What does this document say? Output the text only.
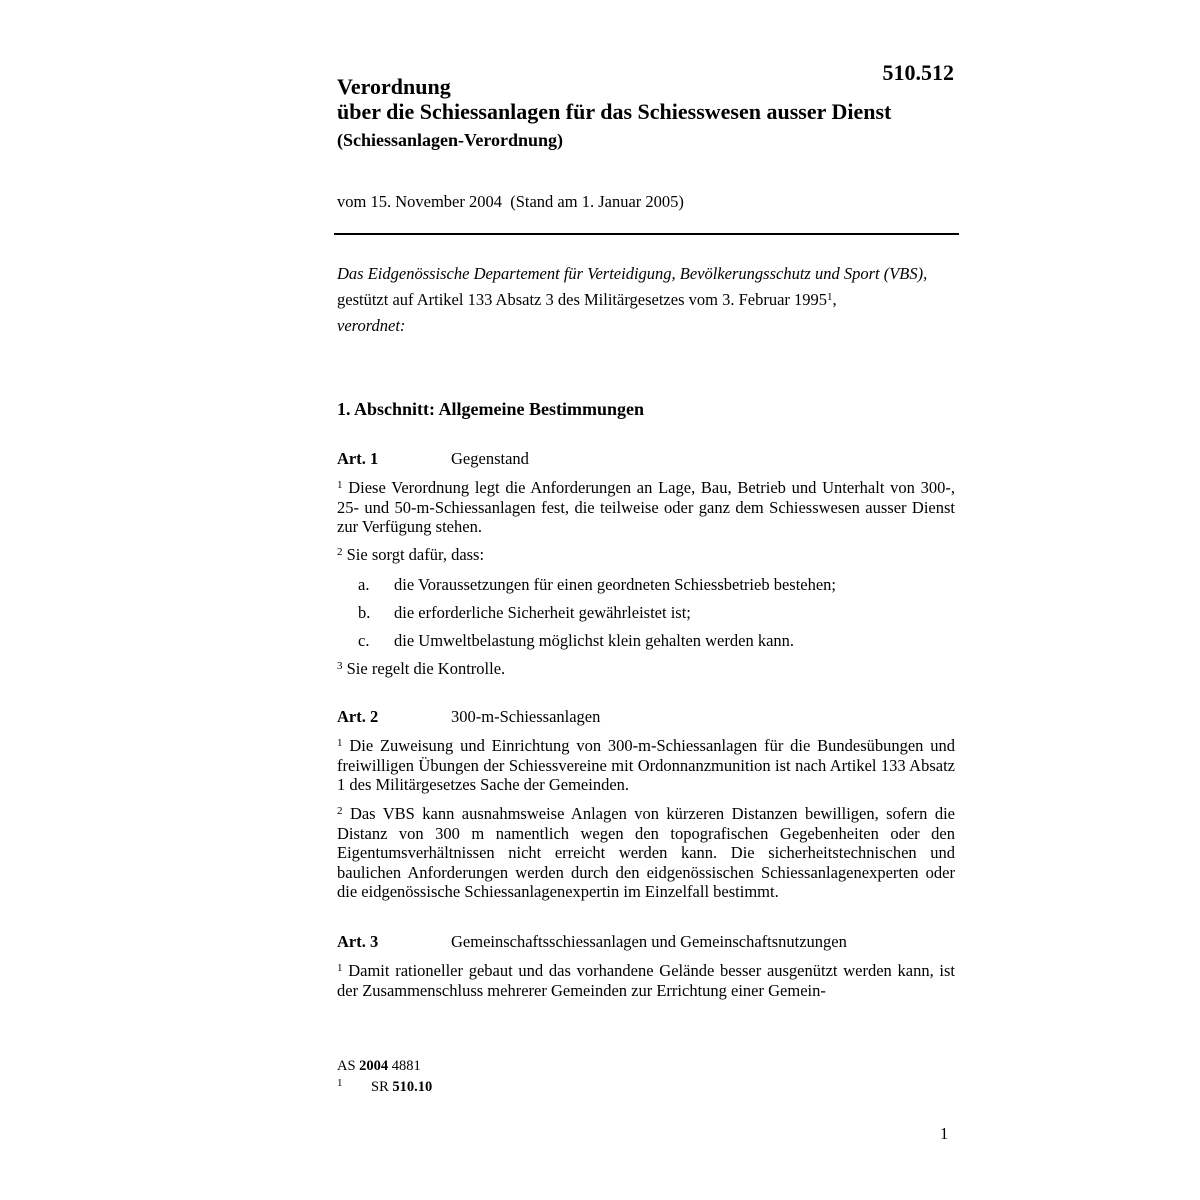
510.512
Verordnung
über die Schiessanlagen für das Schiesswesen ausser Dienst
(Schiessanlagen-Verordnung)
vom 15. November 2004  (Stand am 1. Januar 2005)

Das Eidgenössische Departement für Verteidigung, Bevölkerungsschutz und Sport (VBS),

gestützt auf Artikel 133 Absatz 3 des Militärgesetzes vom 3. Februar 1995$^1$,

verordnet:

1. Abschnitt: Allgemeine Bestimmungen
Art. 1	Gegenstand
$^1$ Diese Verordnung legt die Anforderungen an Lage, Bau, Betrieb und Unterhalt von 300-, 25- und 50-m-Schiessanlagen fest, die teilweise oder ganz dem Schiesswesen ausser Dienst zur Verfügung stehen.
$^2$ Sie sorgt dafür, dass:
a. die Voraussetzungen für einen geordneten Schiessbetrieb bestehen;
b. die erforderliche Sicherheit gewährleistet ist;
c. die Umweltbelastung möglichst klein gehalten werden kann.
$^3$ Sie regelt die Kontrolle.
Art. 2	300-m-Schiessanlagen
$^1$ Die Zuweisung und Einrichtung von 300-m-Schiessanlagen für die Bundesübungen und freiwilligen Übungen der Schiessvereine mit Ordonnanzmunition ist nach Artikel 133 Absatz 1 des Militärgesetzes Sache der Gemeinden.
$^2$ Das VBS kann ausnahmsweise Anlagen von kürzeren Distanzen bewilligen, sofern die Distanz von 300 m namentlich wegen den topografischen Gegebenheiten oder den Eigentumsverhältnissen nicht erreicht werden kann. Die sicherheitstechnischen und baulichen Anforderungen werden durch den eidgenössischen Schiessanlagenexperten oder die eidgenössische Schiessanlagenexpertin im Einzelfall bestimmt.
Art. 3	Gemeinschaftsschiessanlagen und Gemeinschaftsnutzungen
$^1$ Damit rationeller gebaut und das vorhandene Gelände besser ausgenützt werden kann, ist der Zusammenschluss mehrerer Gemeinden zur Errichtung einer Gemein-
AS 2004 4881
1 SR 510.10
1
